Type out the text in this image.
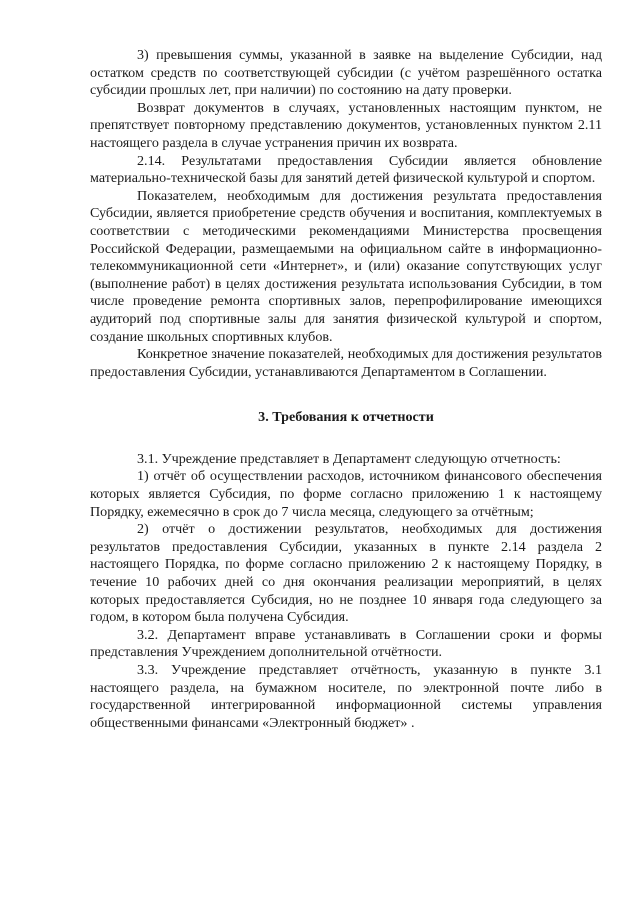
3) превышения суммы, указанной в заявке на выделение Субсидии, над остатком средств по соответствующей субсидии (с учётом разрешённого остатка субсидии прошлых лет, при наличии) по состоянию на дату проверки.

Возврат документов в случаях, установленных настоящим пунктом, не препятствует повторному представлению документов, установленных пунктом 2.11 настоящего раздела в случае устранения причин их возврата.

2.14. Результатами предоставления Субсидии является обновление материально-технической базы для занятий детей физической культурой и спортом.

Показателем, необходимым для достижения результата предоставления Субсидии, является приобретение средств обучения и воспитания, комплектуемых в соответствии с методическими рекомендациями Министерства просвещения Российской Федерации, размещаемыми на официальном сайте в информационно-телекоммуникационной сети «Интернет», и (или) оказание сопутствующих услуг (выполнение работ) в целях достижения результата использования Субсидии, в том числе проведение ремонта спортивных залов, перепрофилирование имеющихся аудиторий под спортивные залы для занятия физической культурой и спортом, создание школьных спортивных клубов.

Конкретное значение показателей, необходимых для достижения результатов предоставления Субсидии, устанавливаются Департаментом в Соглашении.

3. Требования к отчетности

3.1. Учреждение представляет в Департамент следующую отчетность:

1) отчёт об осуществлении расходов, источником финансового обеспечения которых является Субсидия, по форме согласно приложению 1 к настоящему Порядку, ежемесячно в срок до 7 числа месяца, следующего за отчётным;

2) отчёт о достижении результатов, необходимых для достижения результатов предоставления Субсидии, указанных в пункте 2.14 раздела 2 настоящего Порядка, по форме согласно приложению 2 к настоящему Порядку, в течение 10 рабочих дней со дня окончания реализации мероприятий, в целях которых предоставляется Субсидия, но не позднее 10 января года следующего за годом, в котором была получена Субсидия.

3.2. Департамент вправе устанавливать в Соглашении сроки и формы представления Учреждением дополнительной отчётности.

3.3. Учреждение представляет отчётность, указанную в пункте 3.1 настоящего раздела, на бумажном носителе, по электронной почте либо в государственной интегрированной информационной системы управления общественными финансами «Электронный бюджет» .
